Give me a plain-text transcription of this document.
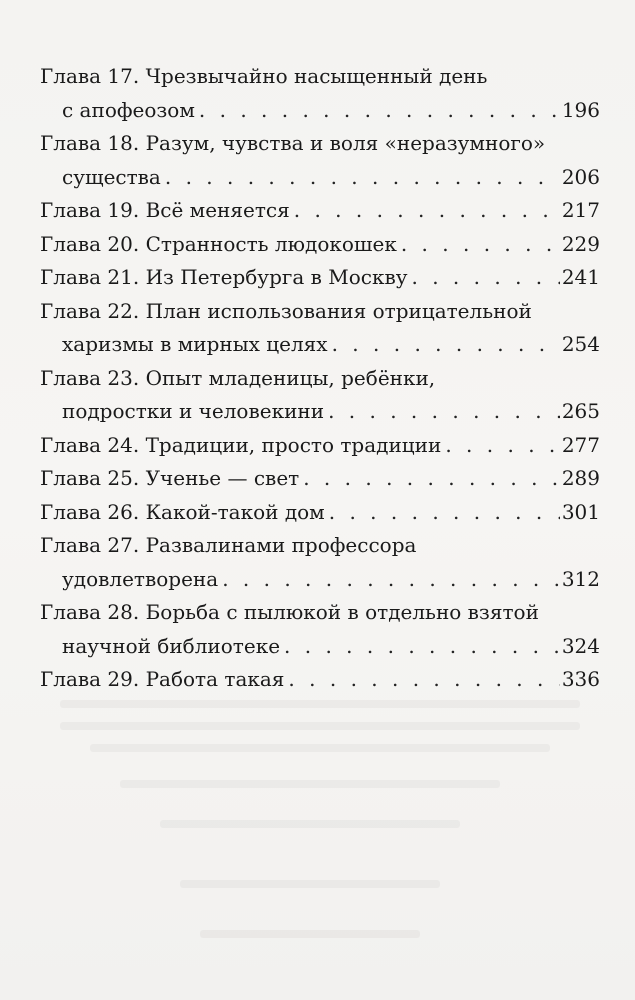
Глава 17. Чрезвычайно насыщенный день
с апофеозом . . .	196
Глава 18. Разум, чувства и воля «неразумного»
существа . . .	206
Глава 19. Всё меняется . . .	217
Глава 20. Странность людокошек . . .	229
Глава 21. Из Петербурга в Москву . . .	241
Глава 22. План использования отрицательной
харизмы в мирных целях . . .	254
Глава 23. Опыт младеницы, ребёнки,
подростки и человекини . . .	265
Глава 24. Традиции, просто традиции . . .	277
Глава 25. Ученье — свет . . .	289
Глава 26. Какой-такой дом . . .	301
Глава 27. Развалинами профессора
удовлетворена . . .	312
Глава 28. Борьба с пылюкой в отдельно взятой
научной библиотеке . . .	324
Глава 29. Работа такая . . .	336
